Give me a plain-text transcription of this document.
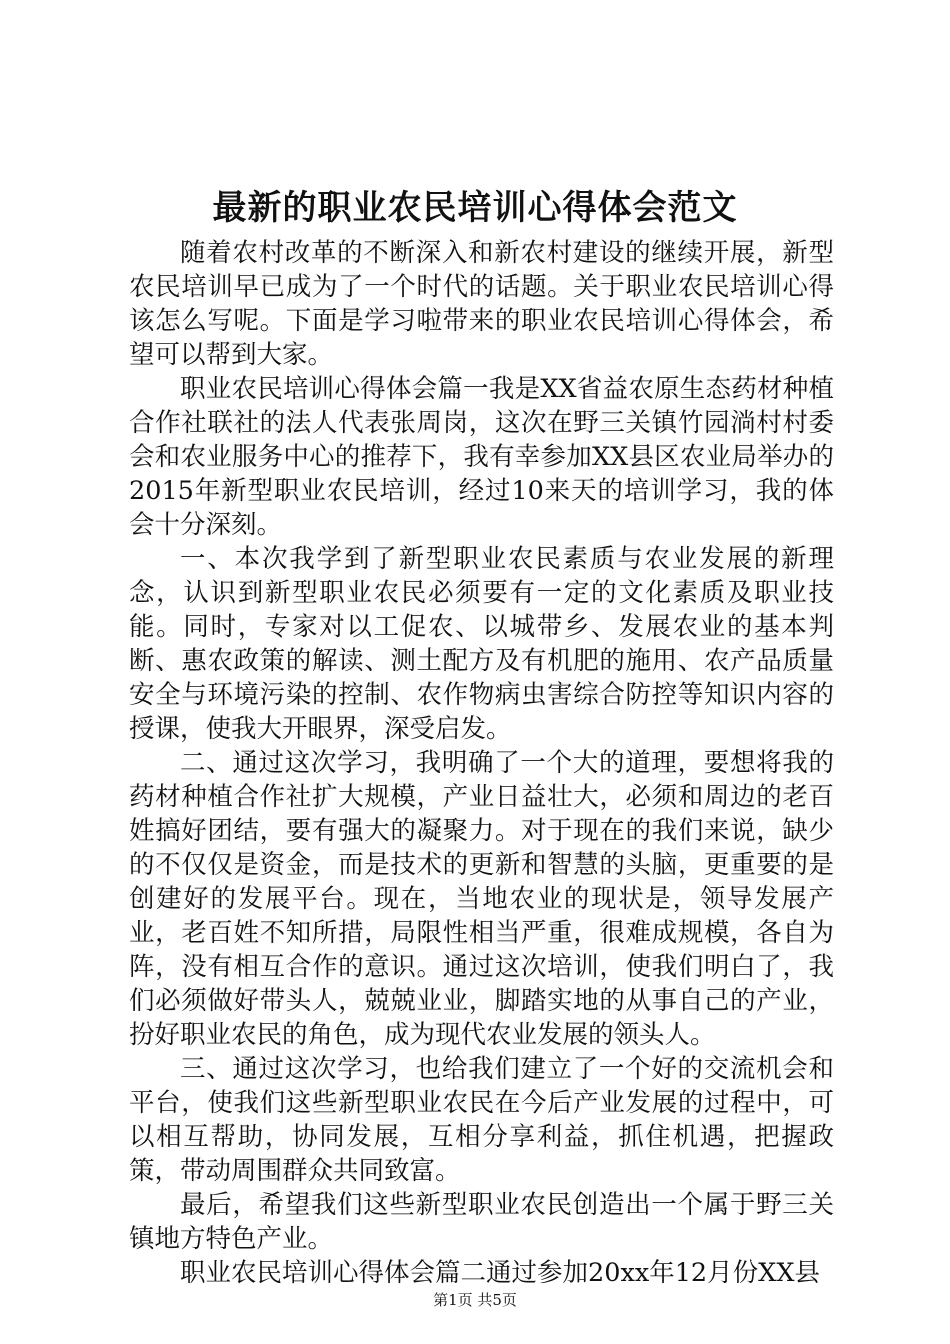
最新的职业农民培训心得体会范文

随着农村改革的不断深入和新农村建设的继续开展，新型农民培训早已成为了一个时代的话题。关于职业农民培训心得该怎么写呢。下面是学习啦带来的职业农民培训心得体会，希望可以帮到大家。

职业农民培训心得体会篇一我是XX省益农原生态药材种植合作社联社的法人代表张周岗，这次在野三关镇竹园淌村村委会和农业服务中心的推荐下，我有幸参加XX县区农业局举办的2015年新型职业农民培训，经过10来天的培训学习，我的体会十分深刻。

一、本次我学到了新型职业农民素质与农业发展的新理念，认识到新型职业农民必须要有一定的文化素质及职业技能。同时，专家对以工促农、以城带乡、发展农业的基本判断、惠农政策的解读、测土配方及有机肥的施用、农产品质量安全与环境污染的控制、农作物病虫害综合防控等知识内容的授课，使我大开眼界，深受启发。

二、通过这次学习，我明确了一个大的道理，要想将我的药材种植合作社扩大规模，产业日益壮大，必须和周边的老百姓搞好团结，要有强大的凝聚力。对于现在的我们来说，缺少的不仅仅是资金，而是技术的更新和智慧的头脑，更重要的是创建好的发展平台。现在，当地农业的现状是，领导发展产业，老百姓不知所措，局限性相当严重，很难成规模，各自为阵，没有相互合作的意识。通过这次培训，使我们明白了，我们必须做好带头人，兢兢业业，脚踏实地的从事自己的产业，扮好职业农民的角色，成为现代农业发展的领头人。

三、通过这次学习，也给我们建立了一个好的交流机会和平台，使我们这些新型职业农民在今后产业发展的过程中，可以相互帮助，协同发展，互相分享利益，抓住机遇，把握政策，带动周围群众共同致富。

最后，希望我们这些新型职业农民创造出一个属于野三关镇地方特色产业。

职业农民培训心得体会篇二通过参加20xx年12月份XX县

第1页 共5页
